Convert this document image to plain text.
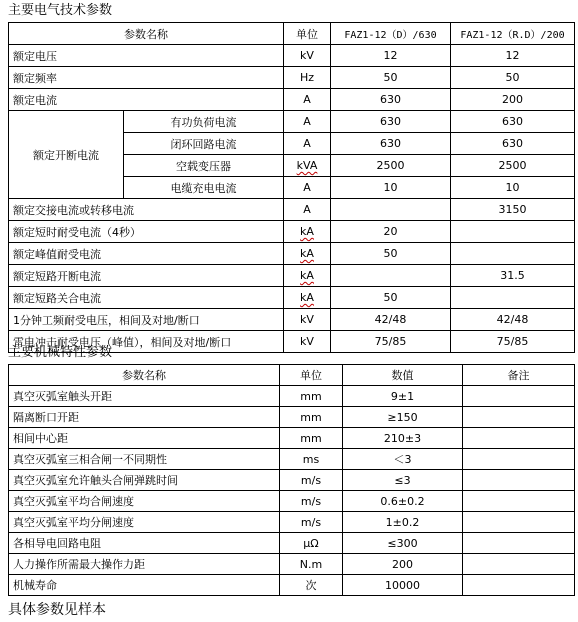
主要电气技术参数
参数名称		单位	FAZ1-12（D）/630	FAZ1-12（R.D）/200
额定电压		kV	12	12
额定频率		Hz	50	50
额定电流		A	630	200
额定开断电流	有功负荷电流	A	630	630
	闭环回路电流	A	630	630
	空载变压器	kVA	2500	2500
	电缆充电电流	A	10	10
额定交接电流或转移电流		A		3150
额定短时耐受电流（4秒）		kA	20	
额定峰值耐受电流		kA	50	
额定短路开断电流		kA		31.5
额定短路关合电流		kA	50	
1分钟工频耐受电压，相间及对地/断口		kV	42/48	42/48
雷电冲击耐受电压（峰值），相间及对地/断口		kV	75/85	75/85
主要机械特性参数
参数名称	单位	数值	备注
真空灭弧室触头开距	mm	9±1	
隔离断口开距	mm	≥150	
相间中心距	mm	210±3	
真空灭弧室三相合闸一不同期性	ms	＜3	
真空灭弧室允许触头合闸弹跳时间	m/s	≤3	
真空灭弧室平均合闸速度	m/s	0.6±0.2	
真空灭弧室平均分闸速度	m/s	1±0.2	
各相导电回路电阻	μΩ	≤300	
人力操作所需最大操作力距	N.m	200	
机械寿命	次	10000	
具体参数见样本
